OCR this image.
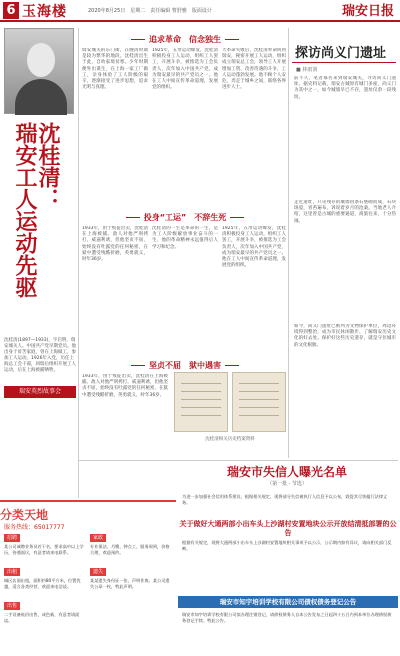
6 玉海楼	2020年8月25日　星期二　责任编辑 曹舒雅　版面设计	瑞安日报
沈桂清：
瑞安工人运动先驱
沈桂清(1897—1933)，字启明，瑞安城关人。中国共产党早期党员。他出身于贫苦家庭，曾在上海做工，参加工人运动。1926年入党，历任上海总工会干部，回瑞后组织开展工人运动，后在上海被捕牺牲。
瑞安英烈故事会
追求革命　信念独生
瑞安城关的东门街，在晚清时期是较为繁华的地段。沈桂清出生于此，自幼家境贫寒。少年时期便外出谋生，在上海一家工厂做工，亲身体验了工人阶级的艰辛，逐渐接受了进步思想，追求光明与真理。
1925年，五卅运动爆发，沈桂清积极投身工人运动，组织工人罢工，开展斗争，被推选为工会负责人，次年加入中国共产党，成为瑞安最早的共产党员之一。他在工人中间宣传革命道理，发展党的组织。
大革命失败后，沈桂清奉命回到瑞安，秘密开展工人运动，组织成立瑞安总工会，领导工人开展增加工资、改善待遇的斗争，工人运动蓬勃发展。他不顾个人安危，奔走于城乡之间，联络各界进步人士。
投身“工运”　不辞生死
1933年，由于叛徒出卖，沈桂清在上海被捕。敌人对他严刑拷打，威逼利诱，但他坚贞不屈，始终没有吐露党的任何秘密，在狱中遭受残酷折磨，英勇就义，时年36岁。
沈桂清的一生是革命的一生，是为工人阶级解放事业奋斗的一生，他的革命精神永远值得后人学习和纪念。
1925年，五卅运动爆发，沈桂清积极投身工人运动，组织工人罢工，开展斗争，被推选为工会负责人，次年加入中国共产党，成为瑞安最早的共产党员之一。他在工人中间宣传革命道理，发展党的组织。
坚贞不屈　狱中遇害
1933年，由于叛徒出卖，沈桂清在上海被捕。敌人对他严刑拷打，威逼利诱，但他坚贞不屈，始终没有吐露党的任何秘密，在狱中遭受残酷折磨，英勇就义，时年36岁。
沈桂清相关历史档案资料
探访尚义门遗址
■ 林雨润
前不久，笔者慕名来到瑞安城关，寻访尚义门遗址。据史料记载，瑞安古城原有城门多座，尚义门为其中之一，如今城墙早已不存，遗址仅余一段残垣。
走近遗址，只见残存的城墙由条石垒砌而成，石块斑驳，青苔遍布，诉说着岁月的沧桑。当地老人介绍，这里曾是古城的重要通道，商旅往来，十分热闹。
如今，尚义门遗址已被列为文物保护单位，周边环境得到整治，成为市民休闲散步、了解瑞安历史文化的好去处。保护好这些历史遗存，就是守住城市的文化根脉。
瑞安市失信人曝光名单
（第一批 · 节选）
为进一步加强社会信用体系建设，根据相关规定，现将部分失信被执行人信息予以公布，敦促其尽快履行法律义务。
分类天地
服务热线：65017777
招聘
某公司诚聘业务员若干名，要求高中以上学历，待遇面议，有意者请来电联系。
出租
城区店面出租，面积约80平方米，位置优越，适合各类经营，欢迎来电洽谈。
家政
专业保洁、月嫂、钟点工，服务周到，价格合理，欢迎预约。
遗失
某某遗失身份证一张，声明作废。某公司遗失公章一枚，特此声明。
出售
二手设备低价出售，成色新，有意者请面谈。
关于做好大通两部小出车头上沙湖村安置地块公示开放结清抵部署的公告
根据有关规定，现将大通两部小出车头上沙湖村安置地块相关事项予以公示，公示期内如有异议，请向相关部门反映。
瑞安市知宇培训学校有限公司债权债务登记公告
瑞安市知宇培训学校有限公司拟办理注销登记，请债权债务人自本公告发布之日起四十五日内到本单位办理债权债务登记手续。特此公告。
